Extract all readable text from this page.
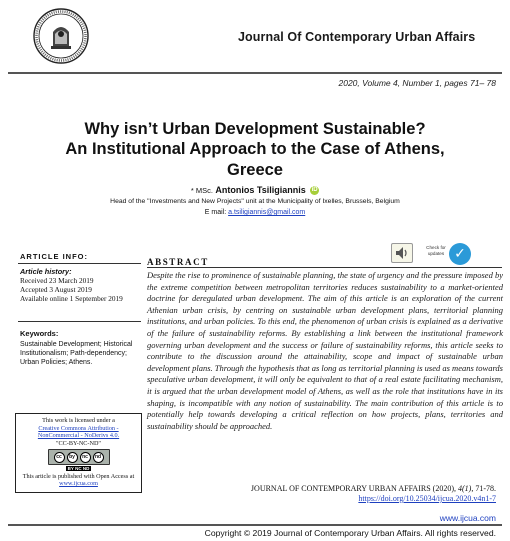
Journal Of Contemporary Urban Affairs
2020, Volume 4, Number 1, pages 71– 78
Why isn’t Urban Development Sustainable?
An Institutional Approach to the Case of Athens,
Greece
* MSc. Antonios Tsiligiannis iD
Head of the "Investments and New Projects" unit at the Municipality of Ixelles, Brussels, Belgium
E mail: a.tsiligiannis@gmail.com
ARTICLE INFO:
Article history:
Received 23 March 2019
Accepted 3 August 2019
Available online 1 September 2019
Keywords:
Sustainable Development; Historical Institutionalism; Path-dependency; Urban Policies; Athens.
This work is licensed under a
Creative Commons Attribution - NonCommercial - NoDerivs 4.0.
"CC-BY-NC-ND"
cc	by	nc	nd
BY NC ND
This article is published with Open Access at www.ijcua.com
ABSTRACT
Check for updates ✓
Despite the rise to prominence of sustainable planning, the state of urgency and the pressure imposed by the extreme competition between metropolitan territories reduces sustainability to a market-oriented doctrine for deregulated urban development. The aim of this article is an exploration of the current Athenian urban crisis, by centring on sustainable urban development plans, territorial planning institutions, and urban policies. To this end, the phenomenon of urban crisis is explained as a derivative of the failure of sustainability reforms. By establishing a link between the institutional framework governing urban development and the success or failure of sustainability reforms, this article seeks to contribute to the discussion around the attainability, scope and impact of sustainable urban development plans. Through the hypothesis that as long as territorial planning is used as means towards speculative urban development, it will only be equivalent to that of a real estate facilitating mechanism, it is argued that the urban development model of Athens, as well as the role that institutions have in its shaping, is incompatible with any notion of sustainability. The main contribution of this article is to potentially help towards developing a critical reflection on how projects, plans, territories and sustainability should be approached.
JOURNAL OF CONTEMPORARY URBAN AFFAIRS (2020), 4(1), 71-78.
https://doi.org/10.25034/ijcua.2020.v4n1-7
www.ijcua.com
Copyright © 2019 Journal of Contemporary Urban Affairs. All rights reserved.
